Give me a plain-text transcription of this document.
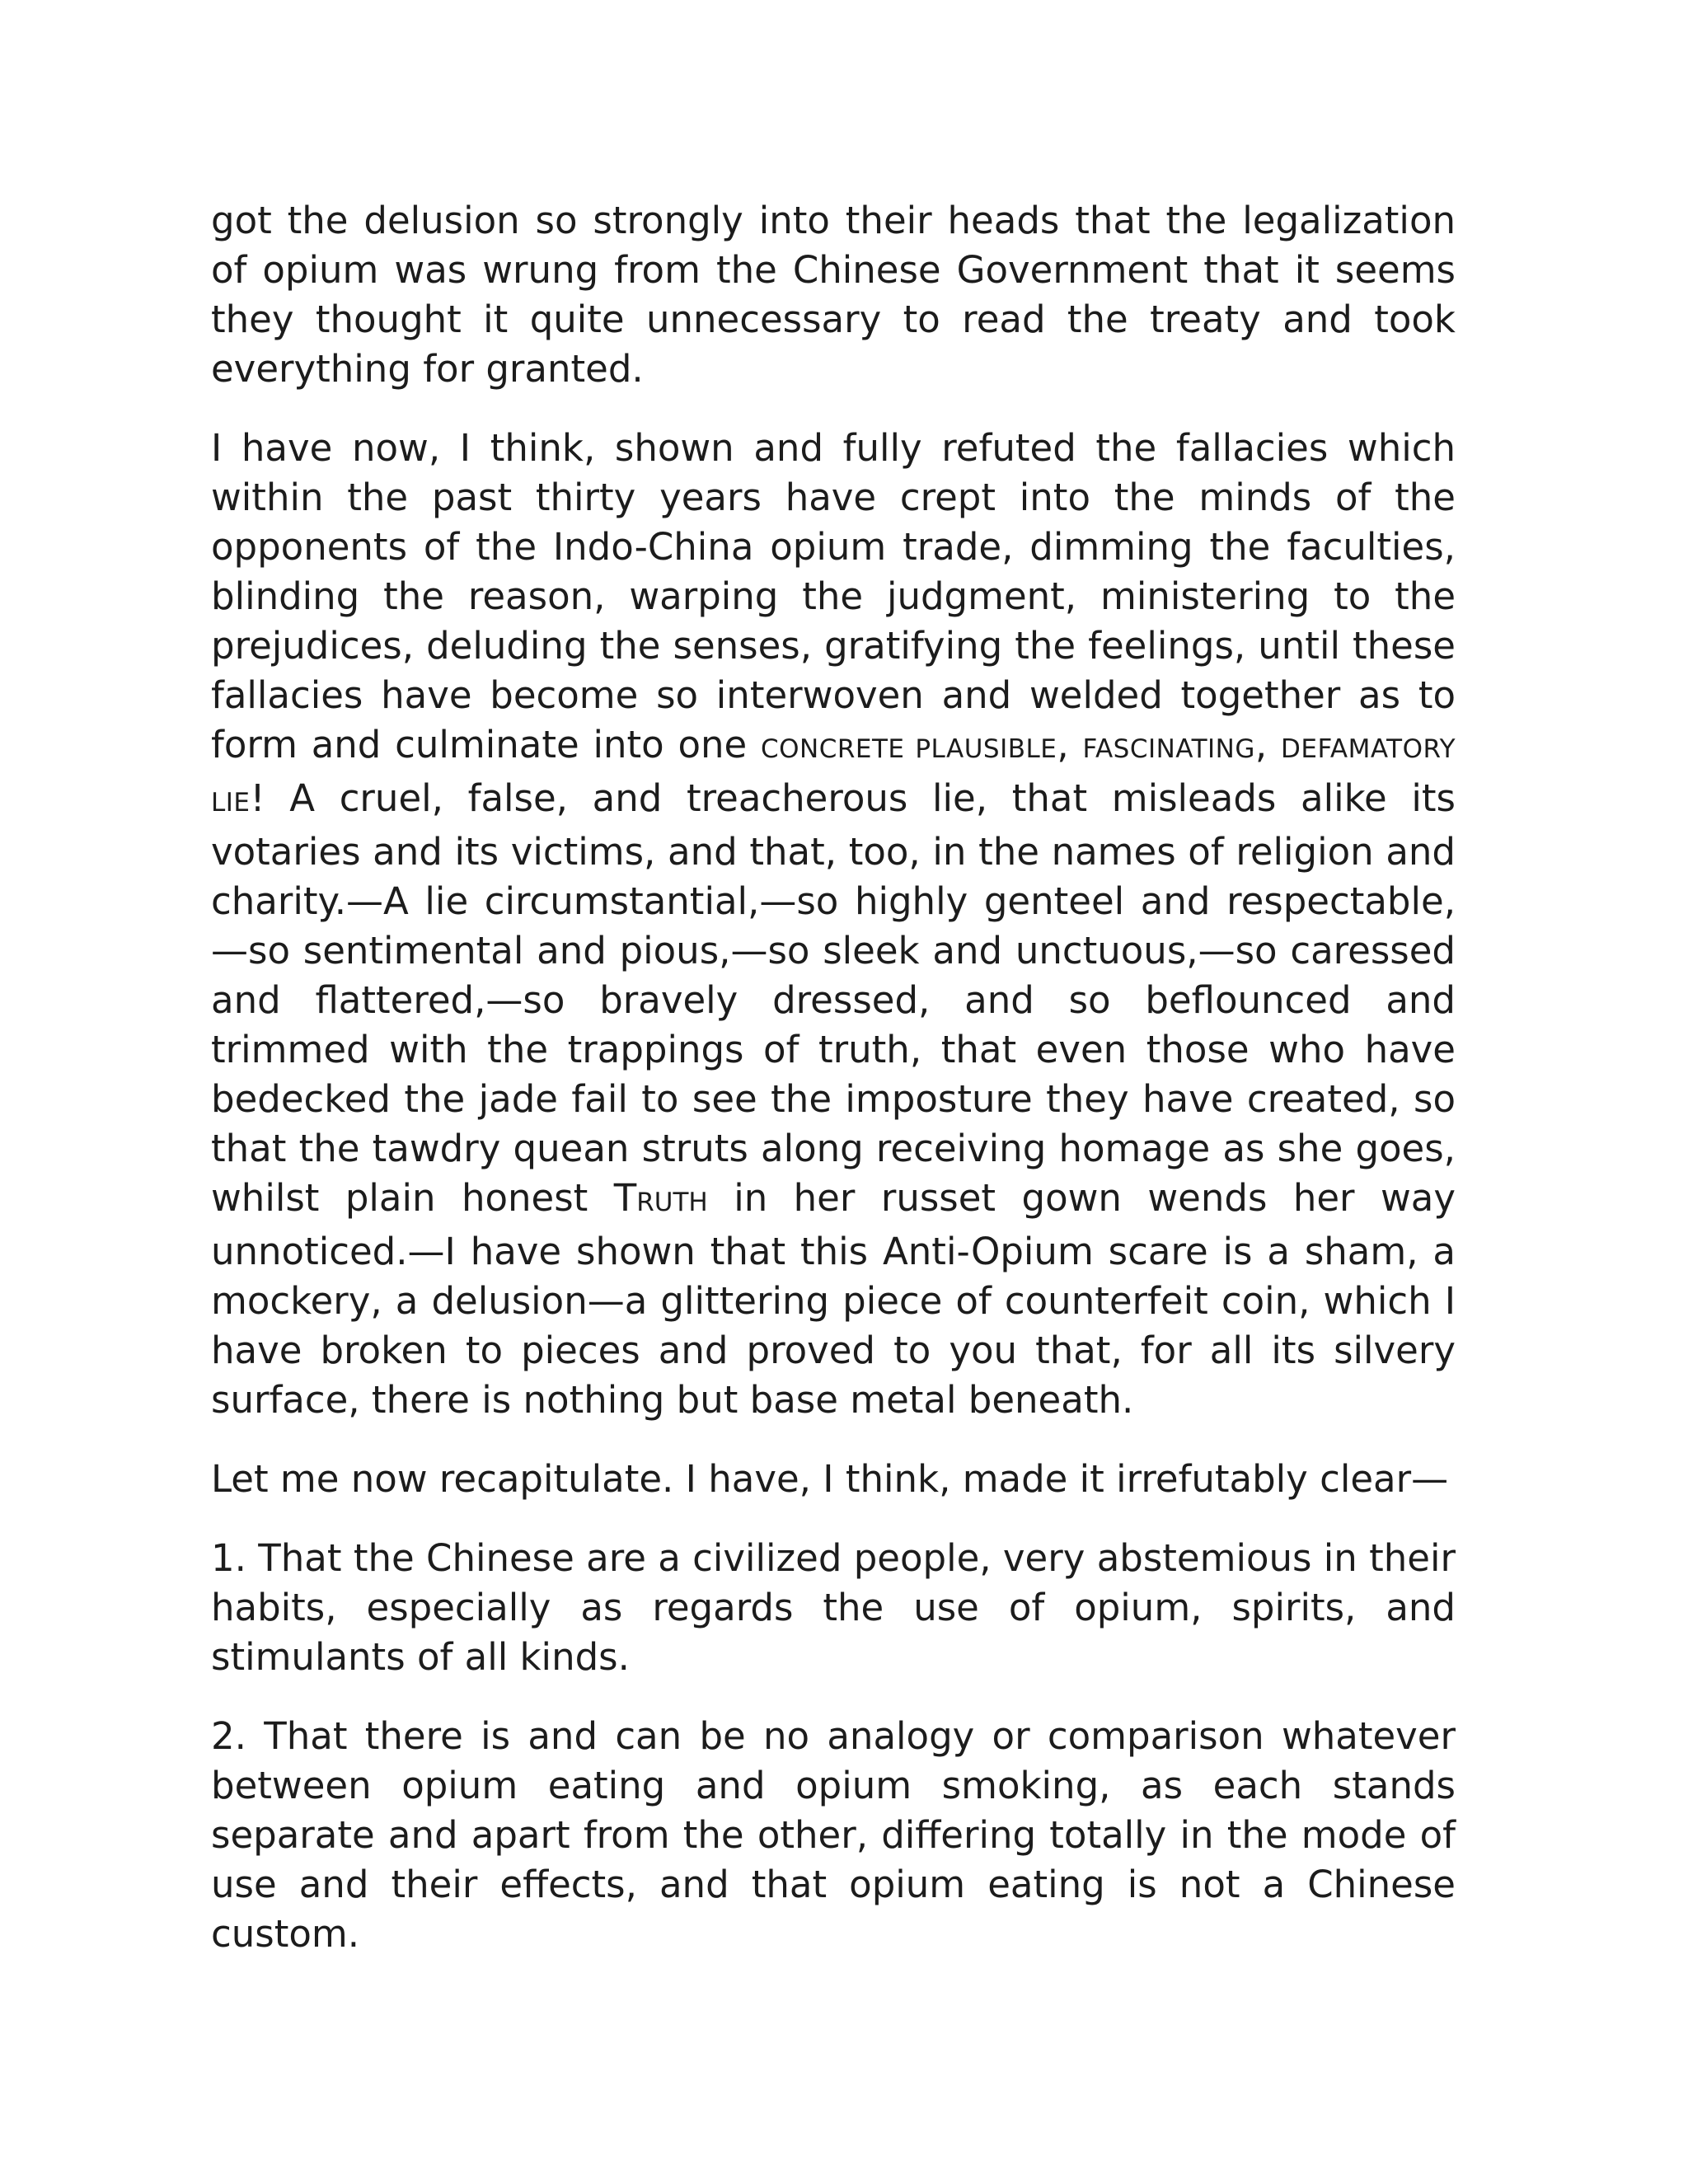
got the delusion so strongly into their heads that the legalization of opium was wrung from the Chinese Government that it seems they thought it quite unnecessary to read the treaty and took everything for granted.

I have now, I think, shown and fully refuted the fallacies which within the past thirty years have crept into the minds of the opponents of the Indo-China opium trade, dimming the faculties, blinding the reason, warping the judgment, ministering to the prejudices, deluding the senses, gratifying the feelings, until these fallacies have become so interwoven and welded together as to form and culminate into one CONCRETE PLAUSIBLE, FASCINATING, DEFAMATORY LIE! A cruel, false, and treacherous lie, that misleads alike its votaries and its victims, and that, too, in the names of religion and charity.—A lie circumstantial,—so highly genteel and respectable,—so sentimental and pious,—so sleek and unctuous,—so caressed and flattered,—so bravely dressed, and so beflounced and trimmed with the trappings of truth, that even those who have bedecked the jade fail to see the imposture they have created, so that the tawdry quean struts along receiving homage as she goes, whilst plain honest TRUTH in her russet gown wends her way unnoticed.—I have shown that this Anti-Opium scare is a sham, a mockery, a delusion—a glittering piece of counterfeit coin, which I have broken to pieces and proved to you that, for all its silvery surface, there is nothing but base metal beneath.

Let me now recapitulate. I have, I think, made it irrefutably clear—

1. That the Chinese are a civilized people, very abstemious in their habits, especially as regards the use of opium, spirits, and stimulants of all kinds.

2. That there is and can be no analogy or comparison whatever between opium eating and opium smoking, as each stands separate and apart from the other, differing totally in the mode of use and their effects, and that opium eating is not a Chinese custom.
